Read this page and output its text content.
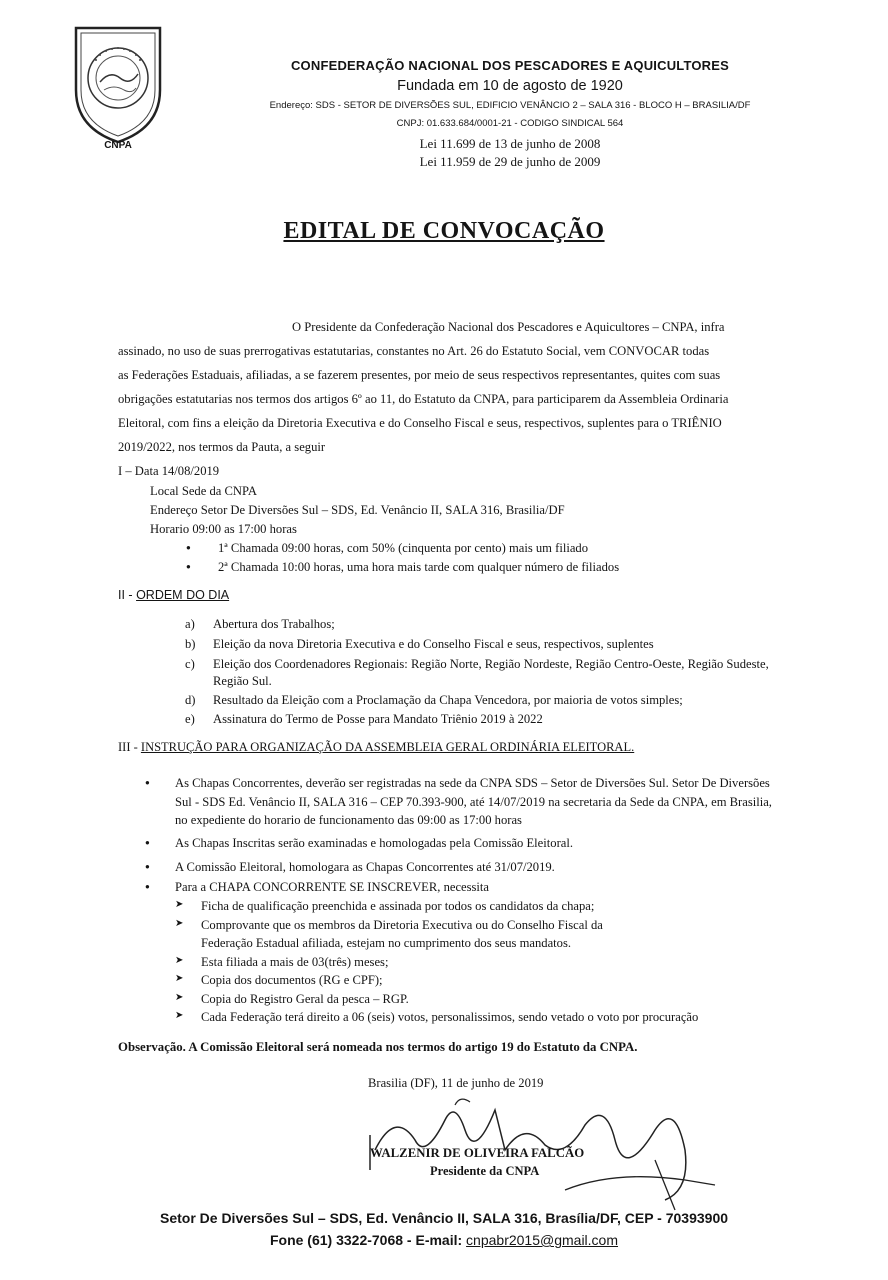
CNPA
CONFEDERAÇÃO NACIONAL DOS PESCADORES E AQUICULTORES
Fundada em 10 de agosto de 1920
Endereço: SDS - SETOR DE DIVERSÕES SUL, EDIFICIO VENÂNCIO 2 – SALA 316 - BLOCO H – BRASILIA/DF
CNPJ: 01.633.684/0001-21 - CODIGO SINDICAL 564
Lei 11.699 de 13 de junho de 2008
Lei 11.959 de 29 de junho de 2009
EDITAL DE CONVOCAÇÃO
O Presidente da Confederação Nacional dos Pescadores e Aquicultores – CNPA, infra
assinado, no uso de suas prerrogativas estatutarias, constantes no Art. 26 do Estatuto Social, vem CONVOCAR todas
as Federações Estaduais, afiliadas, a se fazerem presentes, por meio de seus respectivos representantes, quites com suas
obrigações estatutarias nos termos dos artigos 6º ao 11, do Estatuto da CNPA, para participarem da Assembleia Ordinaria
Eleitoral, com fins a eleição da Diretoria Executiva e do Conselho Fiscal e seus, respectivos, suplentes para o TRIÊNIO
2019/2022, nos termos da Pauta, a seguir
I – Data 14/08/2019
Local Sede da CNPA
Endereço Setor De Diversões Sul – SDS, Ed. Venâncio II, SALA 316, Brasilia/DF
Horario 09:00 as 17:00 horas
● 1ª Chamada 09:00 horas, com 50% (cinquenta por cento) mais um filiado
● 2ª Chamada 10:00 horas, uma hora mais tarde com qualquer número de filiados
II - ORDEM DO DIA
a) Abertura dos Trabalhos;
b) Eleição da nova Diretoria Executiva e do Conselho Fiscal e seus, respectivos, suplentes
c) Eleição dos Coordenadores Regionais: Região Norte, Região Nordeste, Região Centro-Oeste, Região Sudeste,
Região Sul.
d) Resultado da Eleição com a Proclamação da Chapa Vencedora, por maioria de votos simples;
e) Assinatura do Termo de Posse para Mandato Triênio 2019 à 2022
III - INSTRUÇÃO PARA ORGANIZAÇÃO DA ASSEMBLEIA GERAL ORDINÁRIA ELEITORAL.
● As Chapas Concorrentes, deverão ser registradas na sede da CNPA SDS – Setor de Diversões Sul. Setor De Diversões
Sul - SDS Ed. Venâncio II, SALA 316 – CEP 70.393-900, até 14/07/2019 na secretaria da Sede da CNPA, em Brasilia,
no expediente do horario de funcionamento das 09:00 as 17:00 horas
● As Chapas Inscritas serão examinadas e homologadas pela Comissão Eleitoral.
● A Comissão Eleitoral, homologara as Chapas Concorrentes até 31/07/2019.
● Para a CHAPA CONCORRENTE SE INSCREVER, necessita
➤ Ficha de qualificação preenchida e assinada por todos os candidatos da chapa;
➤ Comprovante que os membros da Diretoria Executiva ou do Conselho Fiscal da
Federação Estadual afiliada, estejam no cumprimento dos seus mandatos.
➤ Esta filiada a mais de 03(três) meses;
➤ Copia dos documentos (RG e CPF);
➤ Copia do Registro Geral da pesca – RGP.
➤ Cada Federação terá direito a 06 (seis) votos, personalissimos, sendo vetado o voto por procuração
Observação. A Comissão Eleitoral será nomeada nos termos do artigo 19 do Estatuto da CNPA.
Brasilia (DF), 11 de junho de 2019
WALZENIR DE OLIVEIRA FALCÃO
Presidente da CNPA
Setor De Diversões Sul – SDS, Ed. Venâncio II, SALA 316, Brasília/DF, CEP - 70393900
Fone (61) 3322-7068 - E-mail: cnpabr2015@gmail.com
